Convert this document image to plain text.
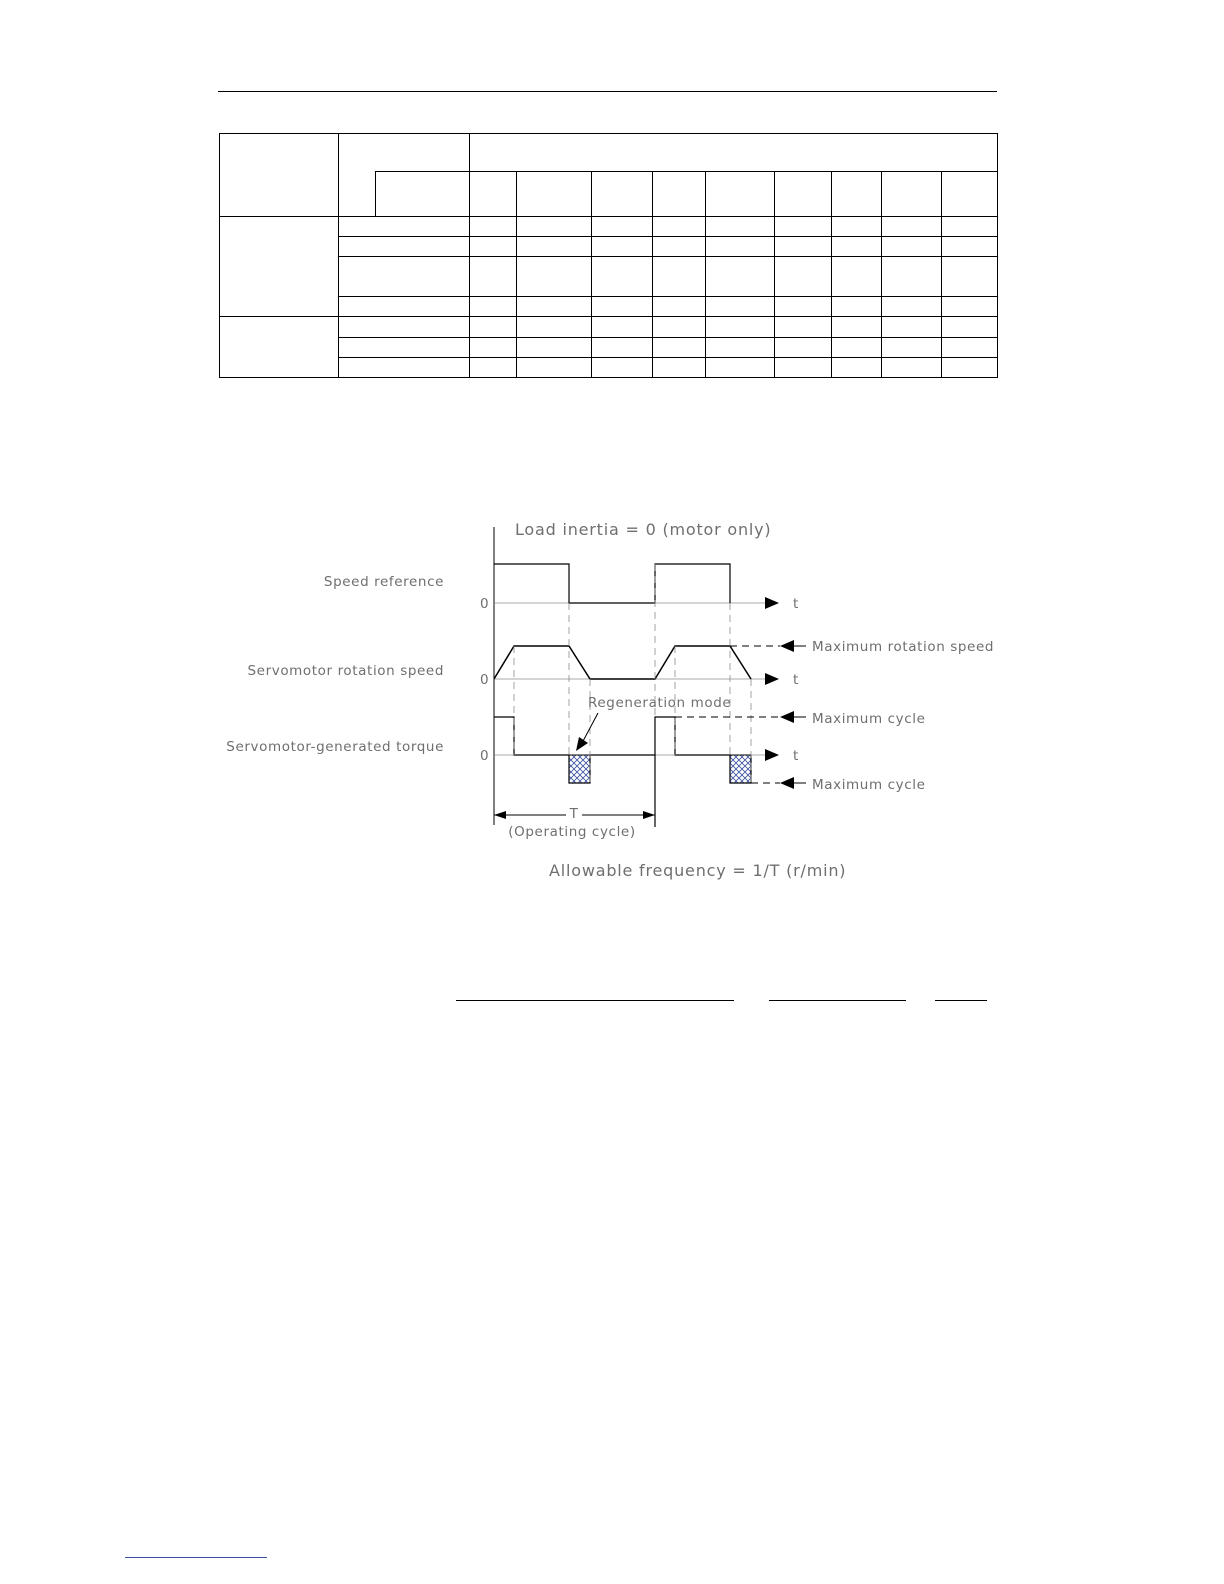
Load inertia = 0 (motor only)
Speed reference
Servomotor rotation speed
Servomotor-generated torque
0
0
0
t
t
t
Maximum rotation speed
Maximum cycle
Maximum cycle
Regeneration mode
T
(Operating cycle)
Allowable frequency = 1/T (r/min)
